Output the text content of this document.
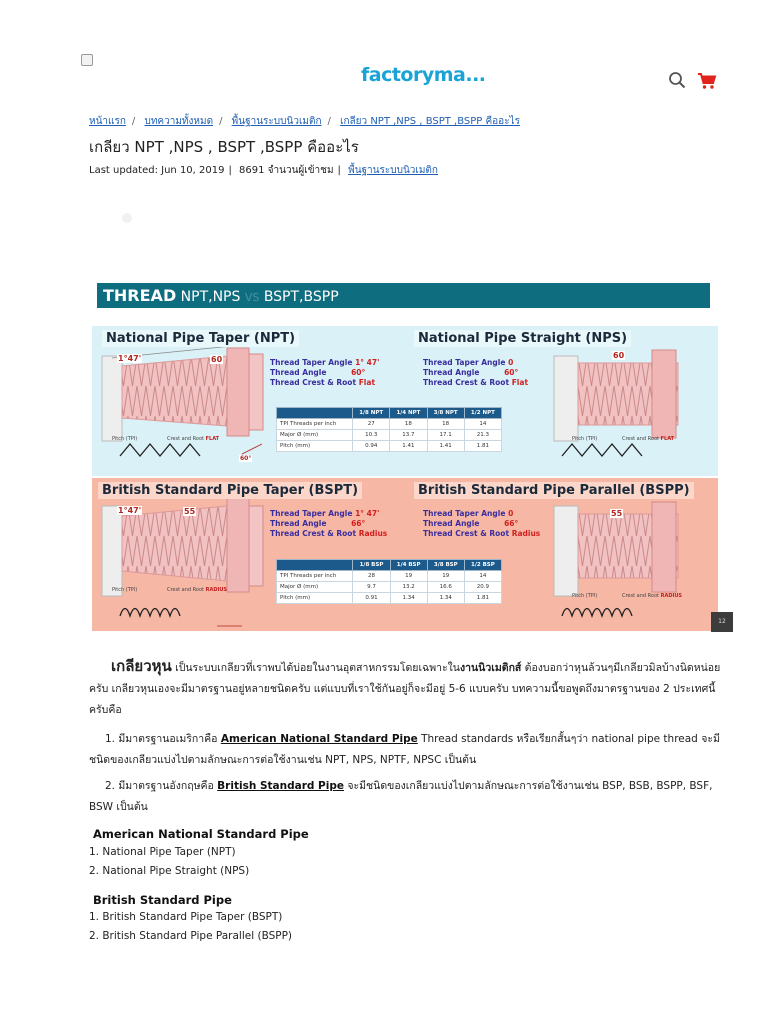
factoryma...
หน้าแรก / บทความทั้งหมด / พื้นฐานระบบนิวเมติก / เกลียว NPT ,NPS , BSPT ,BSPP คืออะไร
เกลียว NPT ,NPS , BSPT ,BSPP คืออะไร
Last updated: Jun 10, 2019 | 8691 จำนวนผู้เข้าชม | พื้นฐานระบบนิวเมติก
THREAD NPT,NPS VS BSPT,BSPP
National Pipe Taper (NPT)	National Pipe Straight (NPS)
British Standard Pipe Taper (BSPT)	British Standard Pipe Parallel (BSPP)
1°47'	60	60
1°47'	55	55
60°
Thread Taper Angle 1° 47'
Thread Angle	60°
Thread Crest & Root Flat
Thread Taper Angle 0
Thread Angle	60°
Thread Crest & Root Flat
Thread Taper Angle 1° 47'
Thread Angle	66°
Thread Crest & Root Radius
Thread Taper Angle 0
Thread Angle	66°
Thread Crest & Root Radius
Pitch (TPI)	Crest and Root FLAT	Pitch (TPI)	Crest and Root FLAT
Pitch (TPI)	Crest and Root RADIUS
Pitch (TPI)	Crest and Root RADIUS
	1/8 NPT	1/4 NPT	3/8 NPT	1/2 NPT
TPI Threads per inch	27	18	18	14
Major Ø (mm)	10.3	13.7	17.1	21.3
Pitch (mm)	0.94	1.41	1.41	1.81
	1/8 BSP	1/4 BSP	3/8 BSP	1/2 BSP
TPI Threads per inch	28	19	19	14
Major Ø (mm)	9.7	13.2	16.6	20.9
Pitch (mm)	0.91	1.34	1.34	1.81
12
เกลียวหุน เป็นระบบเกลียวที่เราพบได้บ่อยในงานอุตสาหกรรมโดยเฉพาะในงานนิวเมติกส์ ต้องบอกว่าหุนล้วนๆมีเกลียวมิลบ้างนิดหน่อยครับ เกลียวหุนเองจะมีมาตรฐานอยู่หลายชนิดครับ แต่แบบที่เราใช้กันอยู่ก็จะมีอยู่ 5-6 แบบครับ บทความนี้ขอพูดถึงมาตรฐานของ 2 ประเทศนี้ครับคือ
1. มีมาตรฐานอเมริกาคือ American National Standard Pipe Thread standards หรือเรียกสั้นๆว่า national pipe thread จะมีชนิดของเกลียวแบ่งไปตามลักษณะการต่อใช้งานเช่น NPT, NPS, NPTF, NPSC เป็นต้น
2. มีมาตรฐานอังกฤษคือ British Standard Pipe จะมีชนิดของเกลียวแบ่งไปตามลักษณะการต่อใช้งานเช่น BSP, BSB, BSPP, BSF, BSW เป็นต้น
American National Standard Pipe
1. National Pipe Taper (NPT)
2. National Pipe Straight (NPS)
British Standard Pipe
1. British Standard Pipe Taper (BSPT)
2. British Standard Pipe Parallel (BSPP)
